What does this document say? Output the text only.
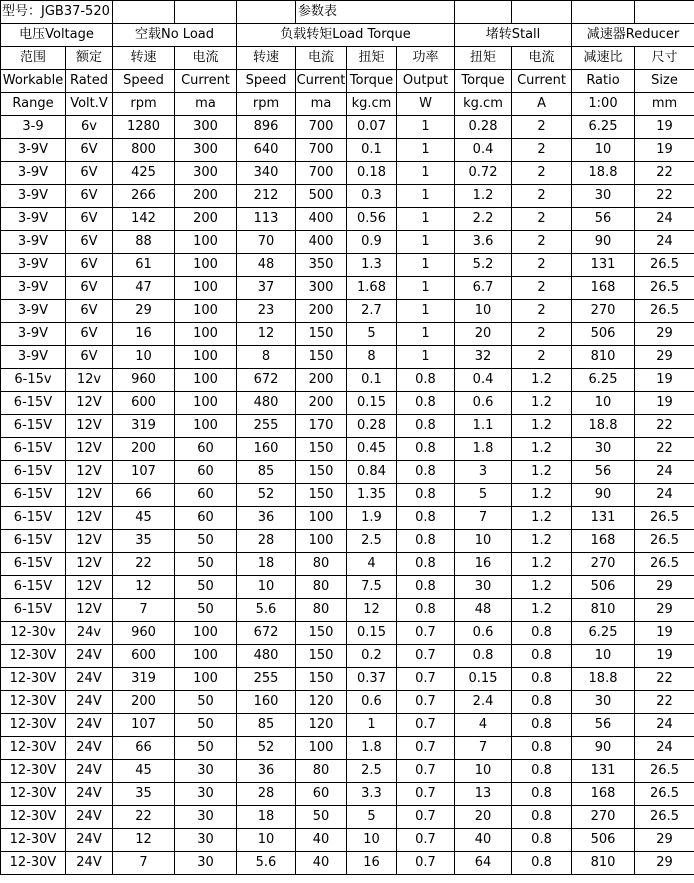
型号：JGB37-520					参数表						
电压Voltage		空载No Load		负载转矩Load Torque				堵转Stall		减速器Reducer	
范围	额定	转速	电流	转速	电流	扭矩	功率	扭矩	电流	减速比	尺寸
Workable	Rated	Speed	Current	Speed	Current	Torque	Output	Torque	Current	Ratio	Size
Range	Volt.V	rpm	ma	rpm	ma	kg.cm	W	kg.cm	A	1:00	mm
3-9	6v	1280	300	896	700	0.07	1	0.28	2	6.25	19
3-9V	6V	800	300	640	700	0.1	1	0.4	2	10	19
3-9V	6V	425	300	340	700	0.18	1	0.72	2	18.8	22
3-9V	6V	266	200	212	500	0.3	1	1.2	2	30	22
3-9V	6V	142	200	113	400	0.56	1	2.2	2	56	24
3-9V	6V	88	100	70	400	0.9	1	3.6	2	90	24
3-9V	6V	61	100	48	350	1.3	1	5.2	2	131	26.5
3-9V	6V	47	100	37	300	1.68	1	6.7	2	168	26.5
3-9V	6V	29	100	23	200	2.7	1	10	2	270	26.5
3-9V	6V	16	100	12	150	5	1	20	2	506	29
3-9V	6V	10	100	8	150	8	1	32	2	810	29
6-15v	12v	960	100	672	200	0.1	0.8	0.4	1.2	6.25	19
6-15V	12V	600	100	480	200	0.15	0.8	0.6	1.2	10	19
6-15V	12V	319	100	255	170	0.28	0.8	1.1	1.2	18.8	22
6-15V	12V	200	60	160	150	0.45	0.8	1.8	1.2	30	22
6-15V	12V	107	60	85	150	0.84	0.8	3	1.2	56	24
6-15V	12V	66	60	52	150	1.35	0.8	5	1.2	90	24
6-15V	12V	45	60	36	100	1.9	0.8	7	1.2	131	26.5
6-15V	12V	35	50	28	100	2.5	0.8	10	1.2	168	26.5
6-15V	12V	22	50	18	80	4	0.8	16	1.2	270	26.5
6-15V	12V	12	50	10	80	7.5	0.8	30	1.2	506	29
6-15V	12V	7	50	5.6	80	12	0.8	48	1.2	810	29
12-30v	24v	960	100	672	150	0.15	0.7	0.6	0.8	6.25	19
12-30V	24V	600	100	480	150	0.2	0.7	0.8	0.8	10	19
12-30V	24V	319	100	255	150	0.37	0.7	0.15	0.8	18.8	22
12-30V	24V	200	50	160	120	0.6	0.7	2.4	0.8	30	22
12-30V	24V	107	50	85	120	1	0.7	4	0.8	56	24
12-30V	24V	66	50	52	100	1.8	0.7	7	0.8	90	24
12-30V	24V	45	30	36	80	2.5	0.7	10	0.8	131	26.5
12-30V	24V	35	30	28	60	3.3	0.7	13	0.8	168	26.5
12-30V	24V	22	30	18	50	5	0.7	20	0.8	270	26.5
12-30V	24V	12	30	10	40	10	0.7	40	0.8	506	29
12-30V	24V	7	30	5.6	40	16	0.7	64	0.8	810	29
